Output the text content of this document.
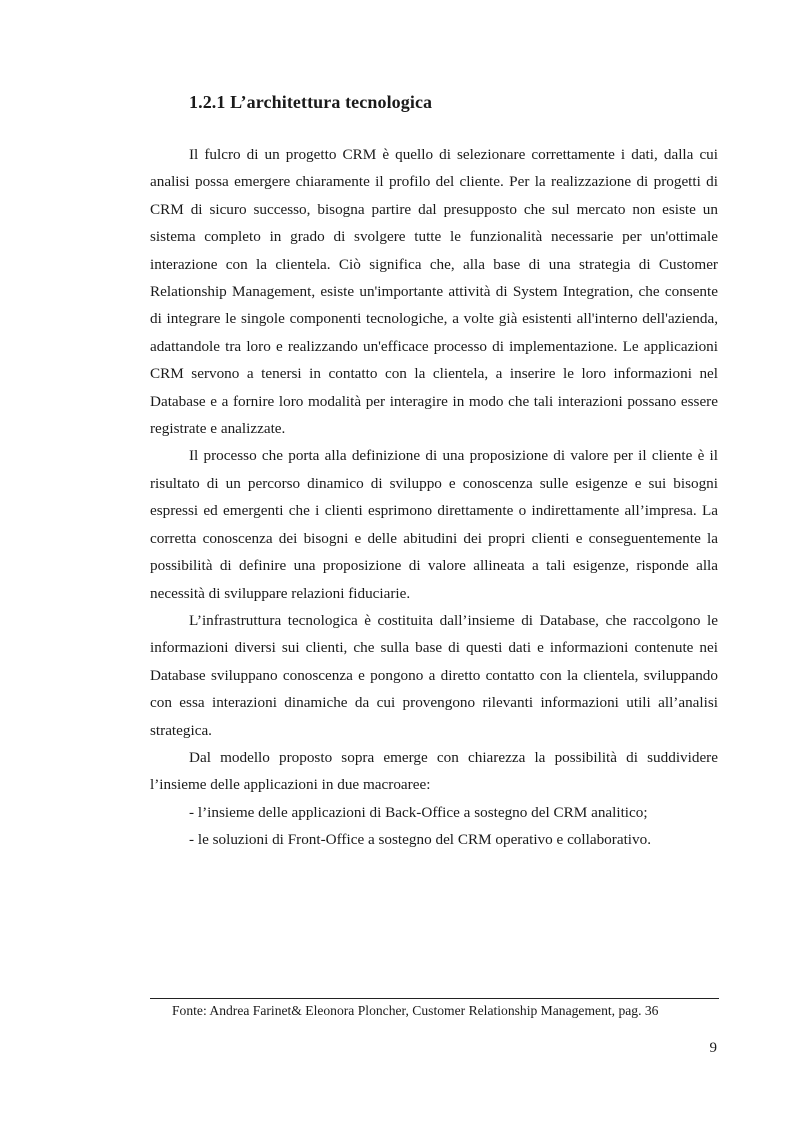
1.2.1 L’architettura tecnologica

Il fulcro di un progetto CRM è quello di selezionare correttamente i dati, dalla cui analisi possa emergere chiaramente il profilo del cliente. Per la realizzazione di progetti di CRM di sicuro successo, bisogna partire dal presupposto che sul mercato non esiste un sistema completo in grado di svolgere tutte le funzionalità necessarie per un'ottimale interazione con la clientela. Ciò significa che, alla base di una strategia di Customer Relationship Management, esiste un'importante attività di System Integration, che consente di integrare le singole componenti tecnologiche, a volte già esistenti all'interno dell'azienda, adattandole tra loro e realizzando un'efficace processo di implementazione. Le applicazioni CRM servono a tenersi in contatto con la clientela, a inserire le loro informazioni nel Database e a fornire loro modalità per interagire in modo che tali interazioni possano essere registrate e analizzate.

Il processo che porta alla definizione di una proposizione di valore per il cliente è il risultato di un percorso dinamico di sviluppo e conoscenza sulle esigenze e sui bisogni espressi ed emergenti che i clienti esprimono direttamente o indirettamente all’impresa. La corretta conoscenza dei bisogni e delle abitudini dei propri clienti e conseguentemente la possibilità di definire una proposizione di valore allineata a tali esigenze, risponde alla necessità di sviluppare relazioni fiduciarie.

L’infrastruttura tecnologica è costituita dall’insieme di Database, che raccolgono le informazioni diversi sui clienti, che sulla base di questi dati e informazioni contenute nei Database sviluppano conoscenza e pongono a diretto contatto con la clientela, sviluppando con essa interazioni dinamiche da cui provengono rilevanti informazioni utili all’analisi strategica.

Dal modello proposto sopra emerge con chiarezza la possibilità di suddividere l’insieme delle applicazioni in due macroaree:

- l’insieme delle applicazioni di Back-Office a sostegno del CRM analitico;

- le soluzioni di Front-Office a sostegno del CRM operativo e collaborativo.

Fonte: Andrea Farinet& Eleonora Ploncher, Customer Relationship Management, pag. 36
9
